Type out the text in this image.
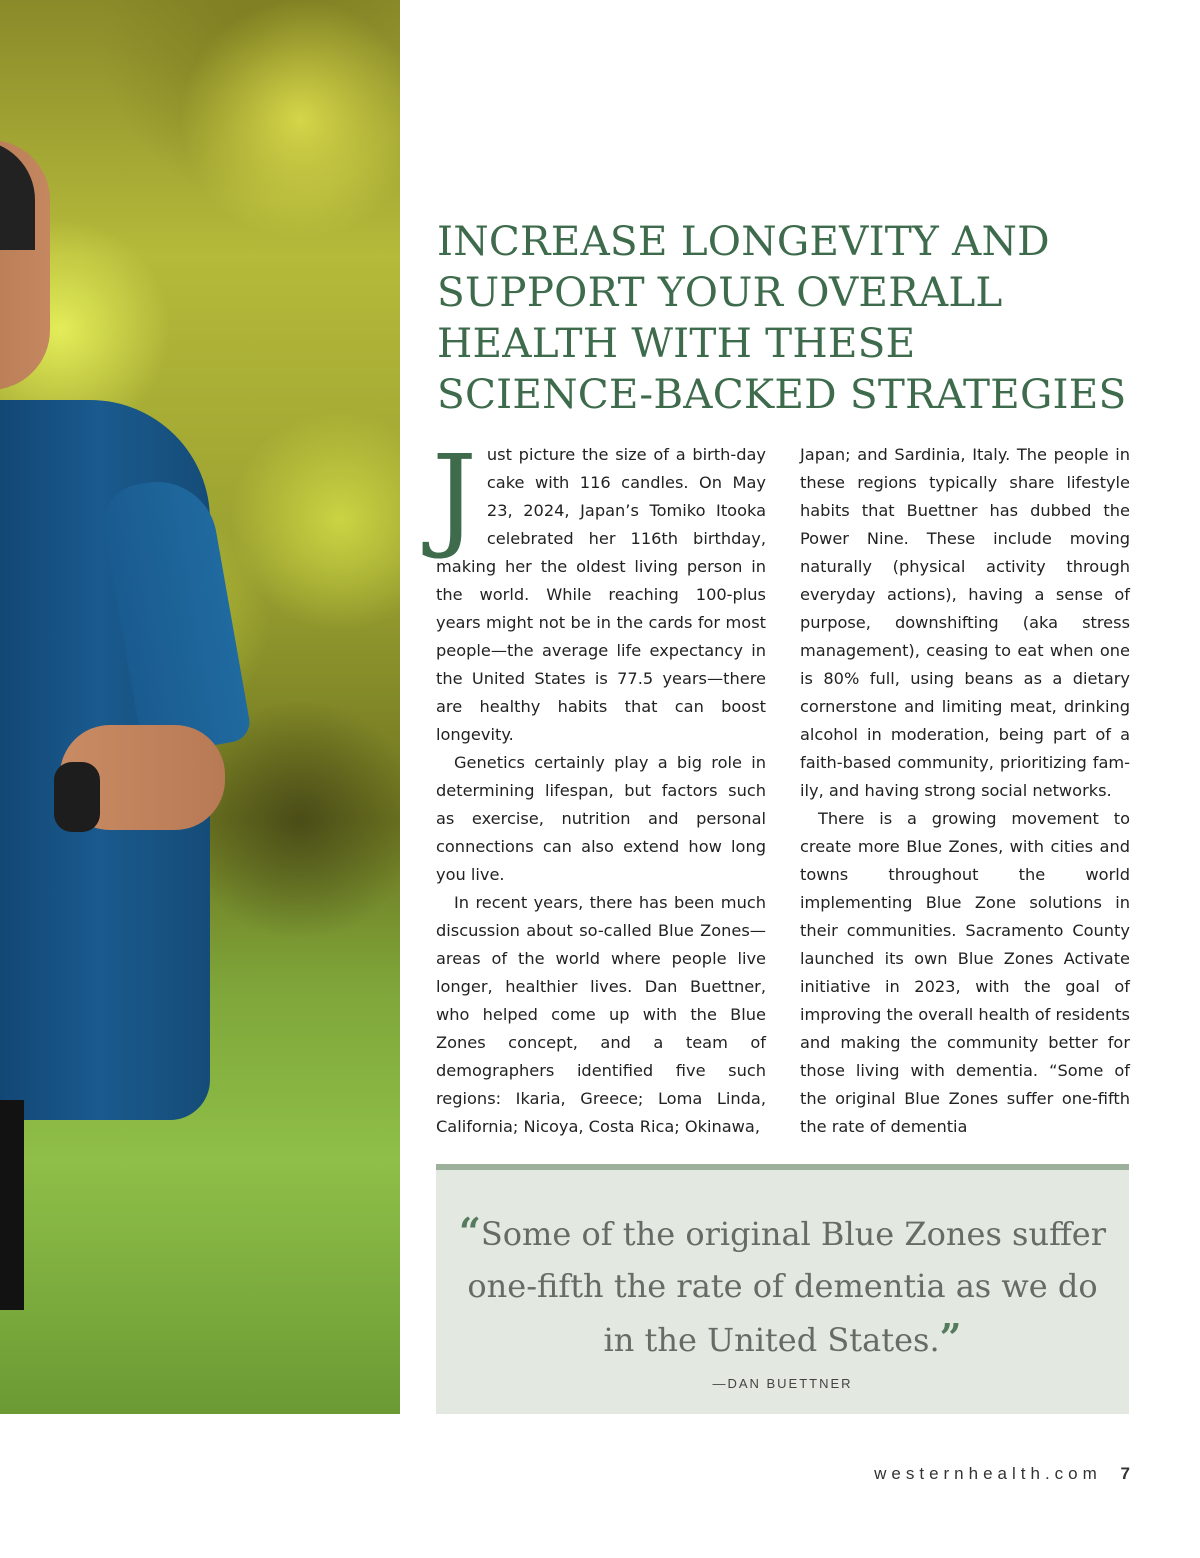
INCREASE LONGEVITY AND
SUPPORT YOUR OVERALL
HEALTH WITH THESE
SCIENCE-BACKED STRATEGIES

Just picture the size of a birth-day cake with 116 candles. On May 23, 2024, Japan’s Tomiko Itooka celebrated her 116th birthday, making her the oldest living person in the world. While reaching 100-plus years might not be in the cards for most people—the average life expectancy in the United States is 77.5 years—there are healthy habits that can boost longevity.

Genetics certainly play a big role in determining lifespan, but factors such as exercise, nutrition and personal connections can also extend how long you live.

In recent years, there has been much discussion about so-called Blue Zones—areas of the world where people live longer, healthier lives. Dan Buettner, who helped come up with the Blue Zones concept, and a team of demographers identified five such regions: Ikaria, Greece; Loma Linda, California; Nicoya, Costa Rica; Okinawa,

Japan; and Sardinia, Italy. The people in these regions typically share lifestyle habits that Buettner has dubbed the Power Nine. These include moving naturally (physical activity through everyday actions), having a sense of purpose, downshifting (aka stress management), ceasing to eat when one is 80% full, using beans as a dietary cornerstone and limiting meat, drinking alcohol in moderation, being part of a faith-based community, prioritizing fam-ily, and having strong social networks.

There is a growing movement to create more Blue Zones, with cities and towns throughout the world implementing Blue Zone solutions in their communities. Sacramento County launched its own Blue Zones Activate initiative in 2023, with the goal of improving the overall health of residents and making the community better for those living with dementia. “Some of the original Blue Zones suffer one-fifth the rate of dementia

“Some of the original Blue Zones suffer one-fifth the rate of dementia as we do in the United States.”
—DAN BUETTNER
westernhealth.com 7
